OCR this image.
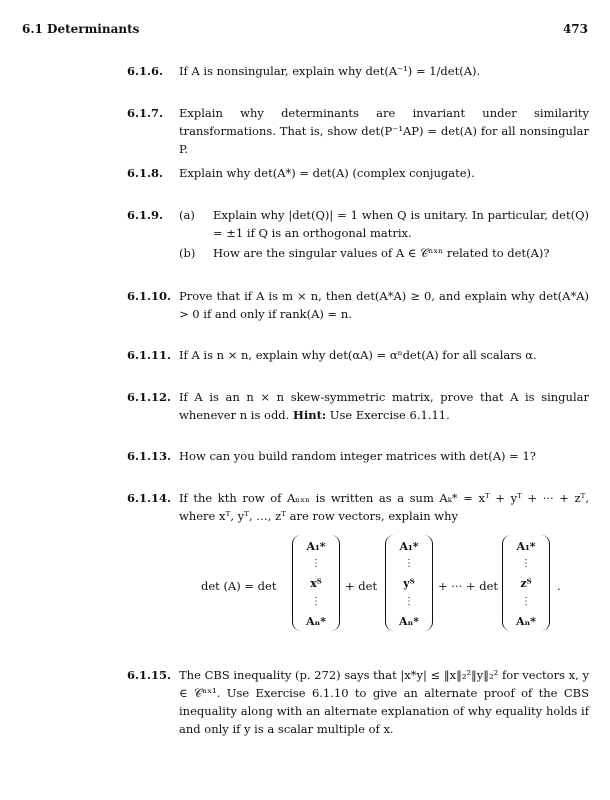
6.1 Determinants	473
6.1.6.	If A is nonsingular, explain why det(A⁻¹) = 1/det(A).
6.1.7.	Explain why determinants are invariant under similarity transformations. That is, show det(P⁻¹AP) = det(A) for all nonsingular P.
6.1.8.	Explain why det(A*) = det(A) (complex conjugate).
6.1.9.	(a)	Explain why |det(Q)| = 1 when Q is unitary. In particular, det(Q) = ±1 if Q is an orthogonal matrix.
(b)	How are the singular values of A ∈ 𝒞ⁿˣⁿ related to det(A)?
6.1.10. Prove that if A is m × n, then det(A*A) ≥ 0, and explain why det(A*A) > 0 if and only if rank(A) = n.
6.1.11. If A is n × n, explain why det(αA) = αⁿdet(A) for all scalars α.
6.1.12. If A is an n × n skew-symmetric matrix, prove that A is singular whenever n is odd. Hint: Use Exercise 6.1.11.
6.1.13. How can you build random integer matrices with det(A) = 1?
6.1.14. If the kth row of Aₙₓₙ is written as a sum Aₖ* = xᵀ + yᵀ + ··· + zᵀ, where xᵀ, yᵀ, …, zᵀ are row vectors, explain why
det (A) = det
A₁*
⋮
xᵀ
⋮
Aₙ*
+ det
A₁*
⋮
yᵀ
⋮
Aₙ*
+ ··· + det
A₁*
⋮
zᵀ
⋮
Aₙ*
.
6.1.15. The CBS inequality (p. 272) says that |x*y| ≤ ‖x‖₂²‖y‖₂² for vectors x, y ∈ 𝒞ⁿˣ¹. Use Exercise 6.1.10 to give an alternate proof of the CBS inequality along with an alternate explanation of why equality holds if and only if y is a scalar multiple of x.
